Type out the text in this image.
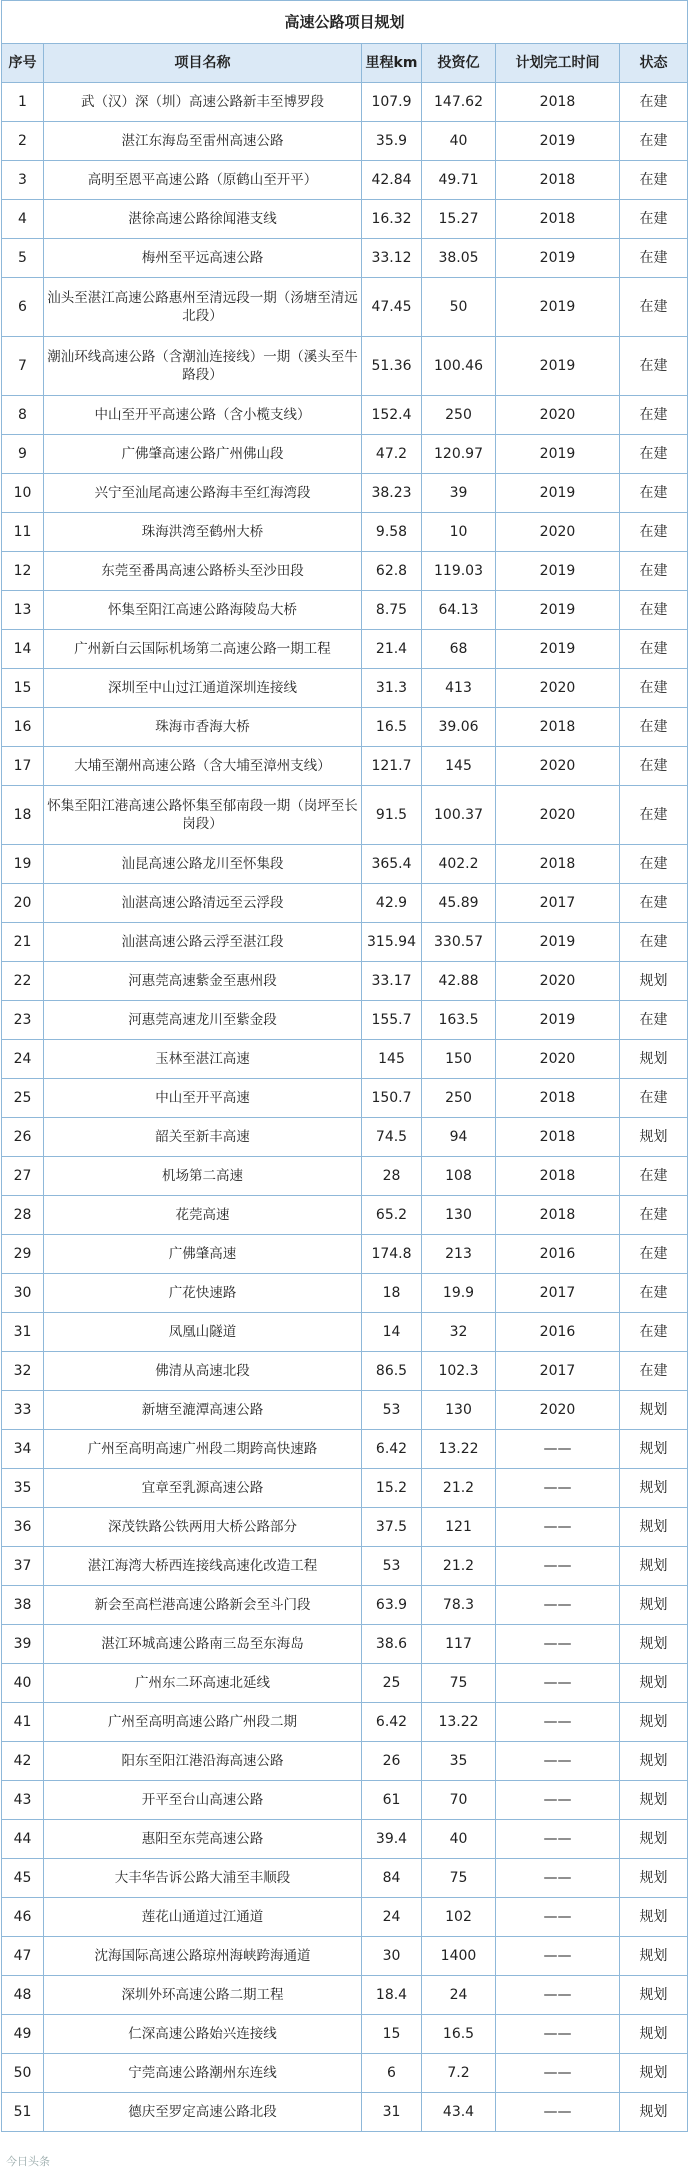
高速公路项目规划					
序号	项目名称	里程km	投资亿	计划完工时间	状态
1	武（汉）深（圳）高速公路新丰至博罗段	107.9	147.62	2018	在建
2	湛江东海岛至雷州高速公路	35.9	40	2019	在建
3	高明至恩平高速公路（原鹤山至开平）	42.84	49.71	2018	在建
4	湛徐高速公路徐闻港支线	16.32	15.27	2018	在建
5	梅州至平远高速公路	33.12	38.05	2019	在建
6	汕头至湛江高速公路惠州至清远段一期（汤塘至清远北段）	47.45	50	2019	在建
7	潮汕环线高速公路（含潮汕连接线）一期（溪头至牛路段）	51.36	100.46	2019	在建
8	中山至开平高速公路（含小榄支线）	152.4	250	2020	在建
9	广佛肇高速公路广州佛山段	47.2	120.97	2019	在建
10	兴宁至汕尾高速公路海丰至红海湾段	38.23	39	2019	在建
11	珠海洪湾至鹤州大桥	9.58	10	2020	在建
12	东莞至番禺高速公路桥头至沙田段	62.8	119.03	2019	在建
13	怀集至阳江高速公路海陵岛大桥	8.75	64.13	2019	在建
14	广州新白云国际机场第二高速公路一期工程	21.4	68	2019	在建
15	深圳至中山过江通道深圳连接线	31.3	413	2020	在建
16	珠海市香海大桥	16.5	39.06	2018	在建
17	大埔至潮州高速公路（含大埔至漳州支线）	121.7	145	2020	在建
18	怀集至阳江港高速公路怀集至郁南段一期（岗坪至长岗段）	91.5	100.37	2020	在建
19	汕昆高速公路龙川至怀集段	365.4	402.2	2018	在建
20	汕湛高速公路清远至云浮段	42.9	45.89	2017	在建
21	汕湛高速公路云浮至湛江段	315.94	330.57	2019	在建
22	河惠莞高速紫金至惠州段	33.17	42.88	2020	规划
23	河惠莞高速龙川至紫金段	155.7	163.5	2019	在建
24	玉林至湛江高速	145	150	2020	规划
25	中山至开平高速	150.7	250	2018	在建
26	韶关至新丰高速	74.5	94	2018	规划
27	机场第二高速	28	108	2018	在建
28	花莞高速	65.2	130	2018	在建
29	广佛肇高速	174.8	213	2016	在建
30	广花快速路	18	19.9	2017	在建
31	凤凰山隧道	14	32	2016	在建
32	佛清从高速北段	86.5	102.3	2017	在建
33	新塘至漉潭高速公路	53	130	2020	规划
34	广州至高明高速广州段二期跨高快速路	6.42	13.22	——	规划
35	宜章至乳源高速公路	15.2	21.2	——	规划
36	深茂铁路公铁两用大桥公路部分	37.5	121	——	规划
37	湛江海湾大桥西连接线高速化改造工程	53	21.2	——	规划
38	新会至高栏港高速公路新会至斗门段	63.9	78.3	——	规划
39	湛江环城高速公路南三岛至东海岛	38.6	117	——	规划
40	广州东二环高速北延线	25	75	——	规划
41	广州至高明高速公路广州段二期	6.42	13.22	——	规划
42	阳东至阳江港沿海高速公路	26	35	——	规划
43	开平至台山高速公路	61	70	——	规划
44	惠阳至东莞高速公路	39.4	40	——	规划
45	大丰华告诉公路大浦至丰顺段	84	75	——	规划
46	莲花山通道过江通道	24	102	——	规划
47	沈海国际高速公路琼州海峡跨海通道	30	1400	——	规划
48	深圳外环高速公路二期工程	18.4	24	——	规划
49	仁深高速公路始兴连接线	15	16.5	——	规划
50	宁莞高速公路潮州东连线	6	7.2	——	规划
51	德庆至罗定高速公路北段	31	43.4	——	规划
今日头条
